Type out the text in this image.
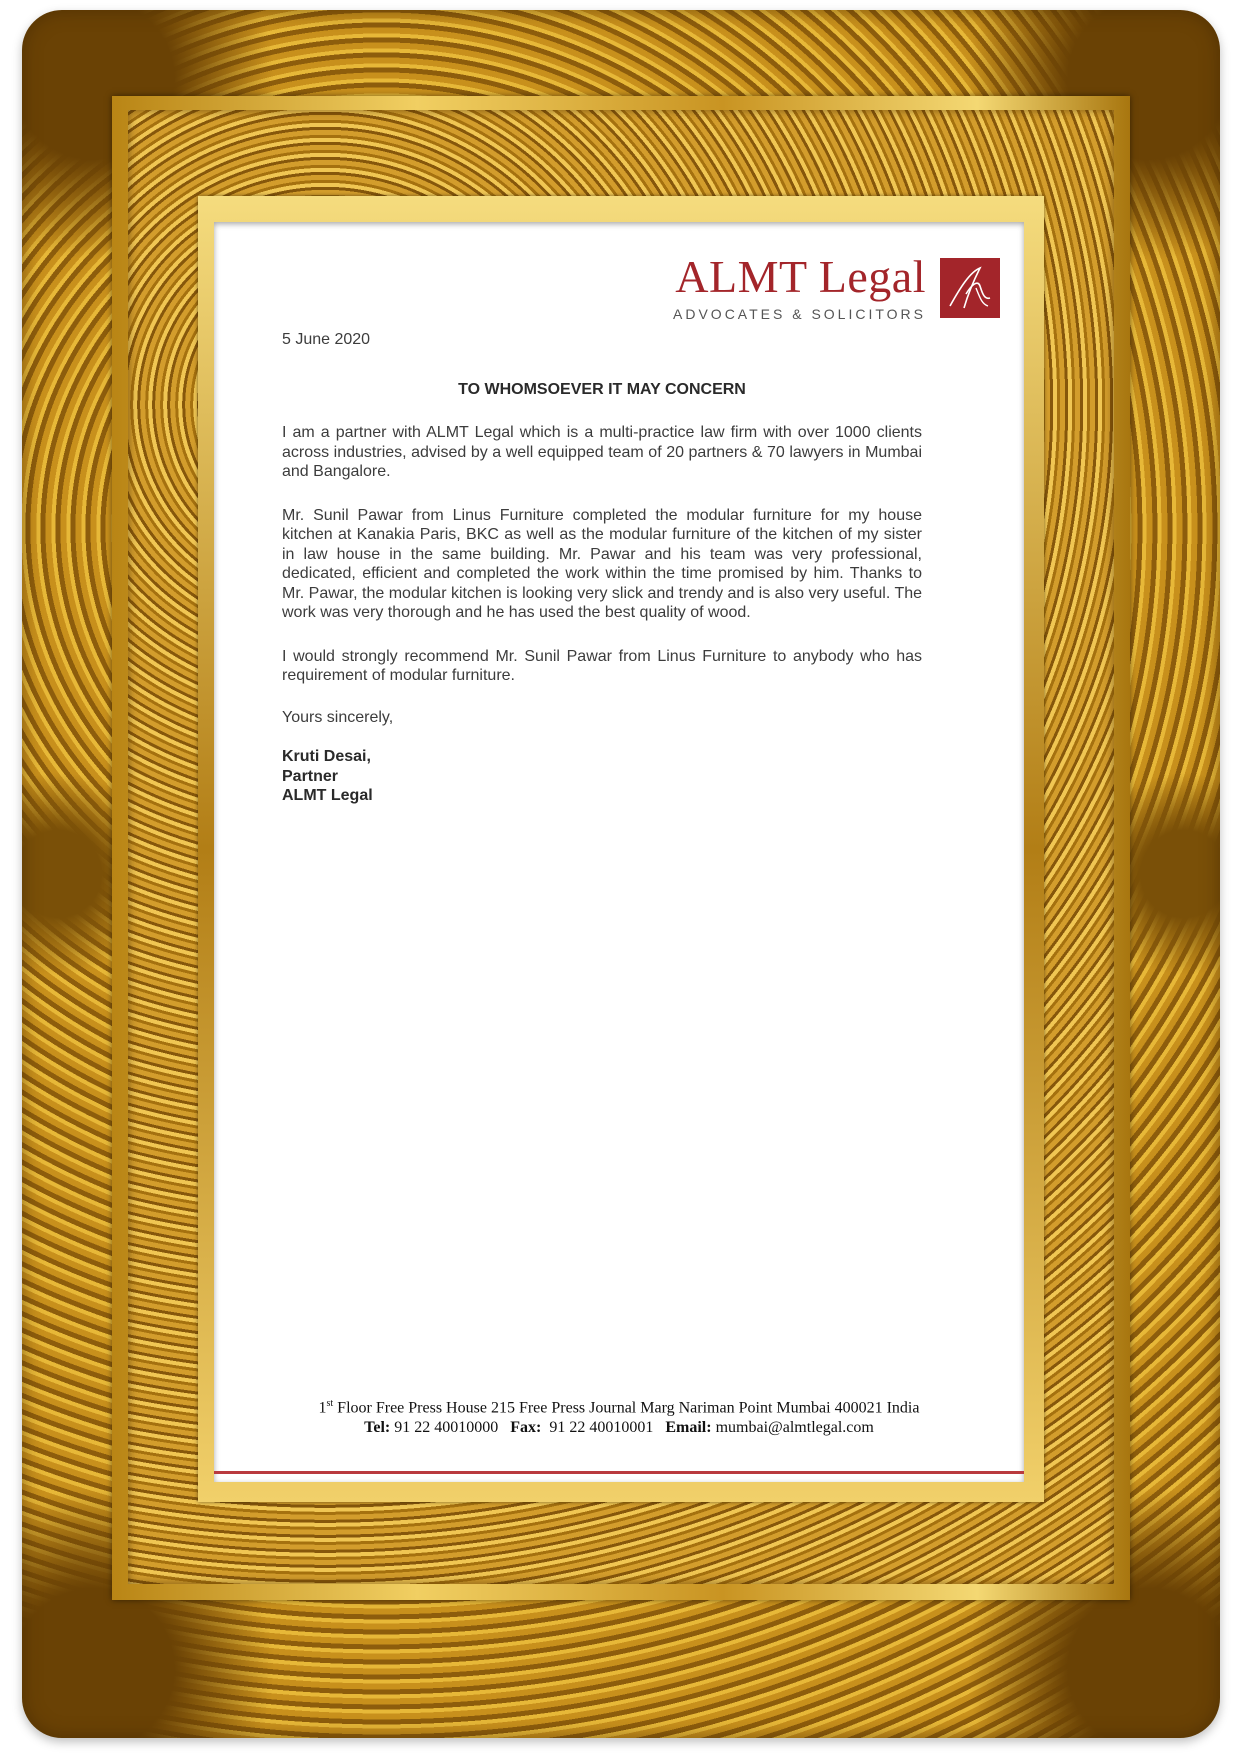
ALMT Legal
ADVOCATES & SOLICITORS

5 June 2020

TO WHOMSOEVER IT MAY CONCERN

I am a partner with ALMT Legal which is a multi-practice law firm with over 1000 clients across industries, advised by a well equipped team of 20 partners & 70 lawyers in Mumbai and Bangalore.

Mr. Sunil Pawar from Linus Furniture completed the modular furniture for my house kitchen at Kanakia Paris, BKC as well as the modular furniture of the kitchen of my sister in law house in the same building. Mr. Pawar and his team was very professional, dedicated, efficient and completed the work within the time promised by him. Thanks to Mr. Pawar, the modular kitchen is looking very slick and trendy and is also very useful. The work was very thorough and he has used the best quality of wood.

I would strongly recommend Mr. Sunil Pawar from Linus Furniture to anybody who has requirement of modular furniture.

Yours sincerely,

Kruti Desai,
Partner
ALMT Legal
1st Floor Free Press House 215 Free Press Journal Marg Nariman Point Mumbai 400021 India
Tel: 91 22 40010000 Fax: 91 22 40010001 Email: mumbai@almtlegal.com
